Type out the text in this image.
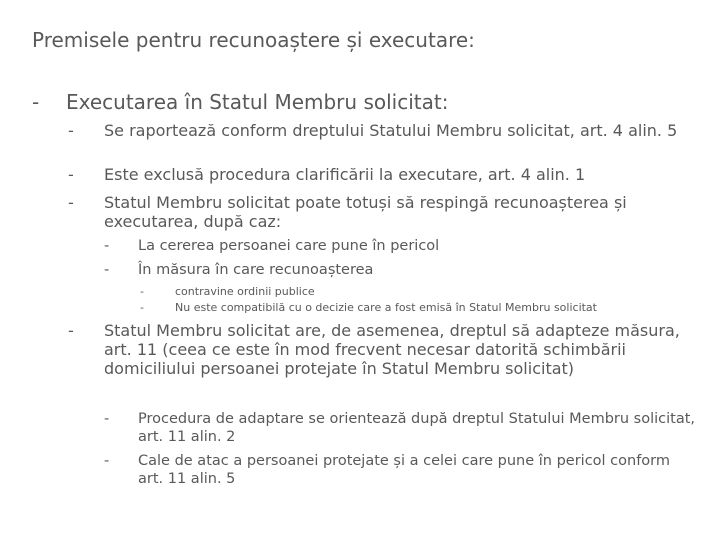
Premisele pentru recunoaștere și executare:
- Executarea în Statul Membru solicitat:
- Se raportează conform dreptului Statului Membru solicitat, art. 4 alin. 5
- Este exclusă procedura clarificării la executare, art. 4 alin. 1
- Statul Membru solicitat poate totuși să respingă recunoașterea și executarea, după caz:
- La cererea persoanei care pune în pericol
- În măsura în care recunoașterea
-	contravine ordinii publice
-	Nu este compatibilă cu o decizie care a fost emisă în Statul Membru solicitat
- Statul Membru solicitat are, de asemenea, dreptul să adapteze măsura, art. 11 (ceea ce este în mod frecvent necesar datorită schimbării domiciliului persoanei protejate în Statul Membru solicitat)
- Procedura de adaptare se orientează după dreptul Statului Membru solicitat, art. 11 alin. 2
- Cale de atac a persoanei protejate și a celei care pune în pericol conform art. 11 alin. 5
